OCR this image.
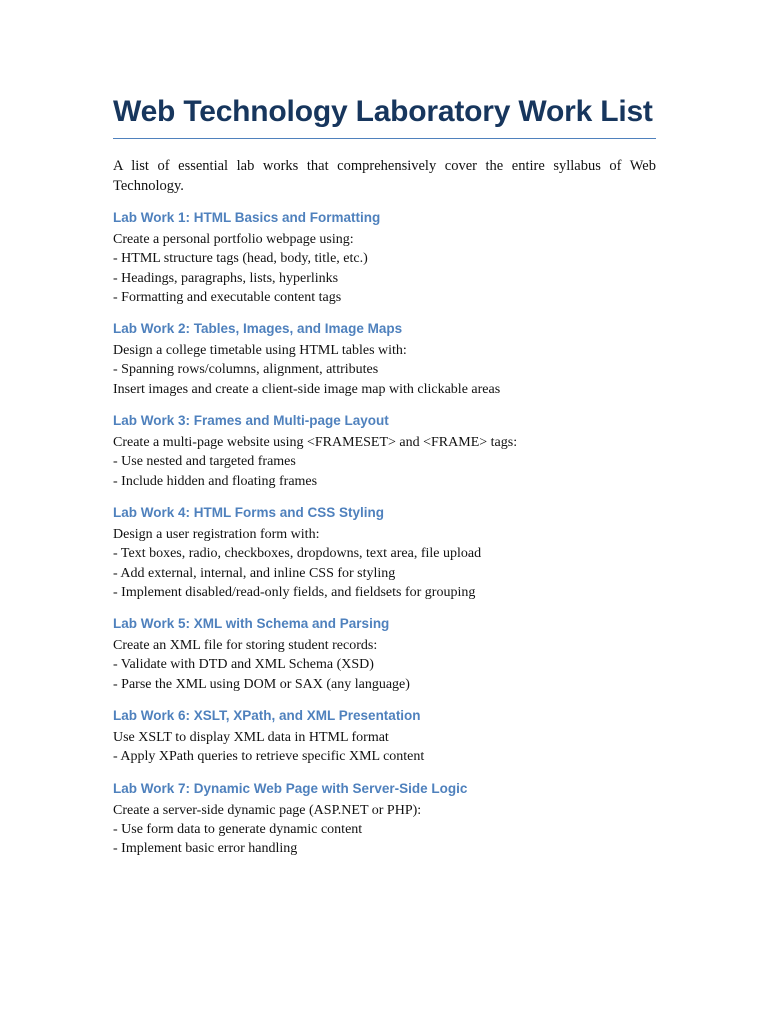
Web Technology Laboratory Work List

A list of essential lab works that comprehensively cover the entire syllabus of Web Technology.

Lab Work 1: HTML Basics and Formatting

Create a personal portfolio webpage using:

- HTML structure tags (head, body, title, etc.)

- Headings, paragraphs, lists, hyperlinks

- Formatting and executable content tags

Lab Work 2: Tables, Images, and Image Maps

Design a college timetable using HTML tables with:

- Spanning rows/columns, alignment, attributes

Insert images and create a client-side image map with clickable areas

Lab Work 3: Frames and Multi-page Layout

Create a multi-page website using <FRAMESET> and <FRAME> tags:

- Use nested and targeted frames

- Include hidden and floating frames

Lab Work 4: HTML Forms and CSS Styling

Design a user registration form with:

- Text boxes, radio, checkboxes, dropdowns, text area, file upload

- Add external, internal, and inline CSS for styling

- Implement disabled/read-only fields, and fieldsets for grouping

Lab Work 5: XML with Schema and Parsing

Create an XML file for storing student records:

- Validate with DTD and XML Schema (XSD)

- Parse the XML using DOM or SAX (any language)

Lab Work 6: XSLT, XPath, and XML Presentation

Use XSLT to display XML data in HTML format

- Apply XPath queries to retrieve specific XML content

Lab Work 7: Dynamic Web Page with Server-Side Logic

Create a server-side dynamic page (ASP.NET or PHP):

- Use form data to generate dynamic content

- Implement basic error handling
